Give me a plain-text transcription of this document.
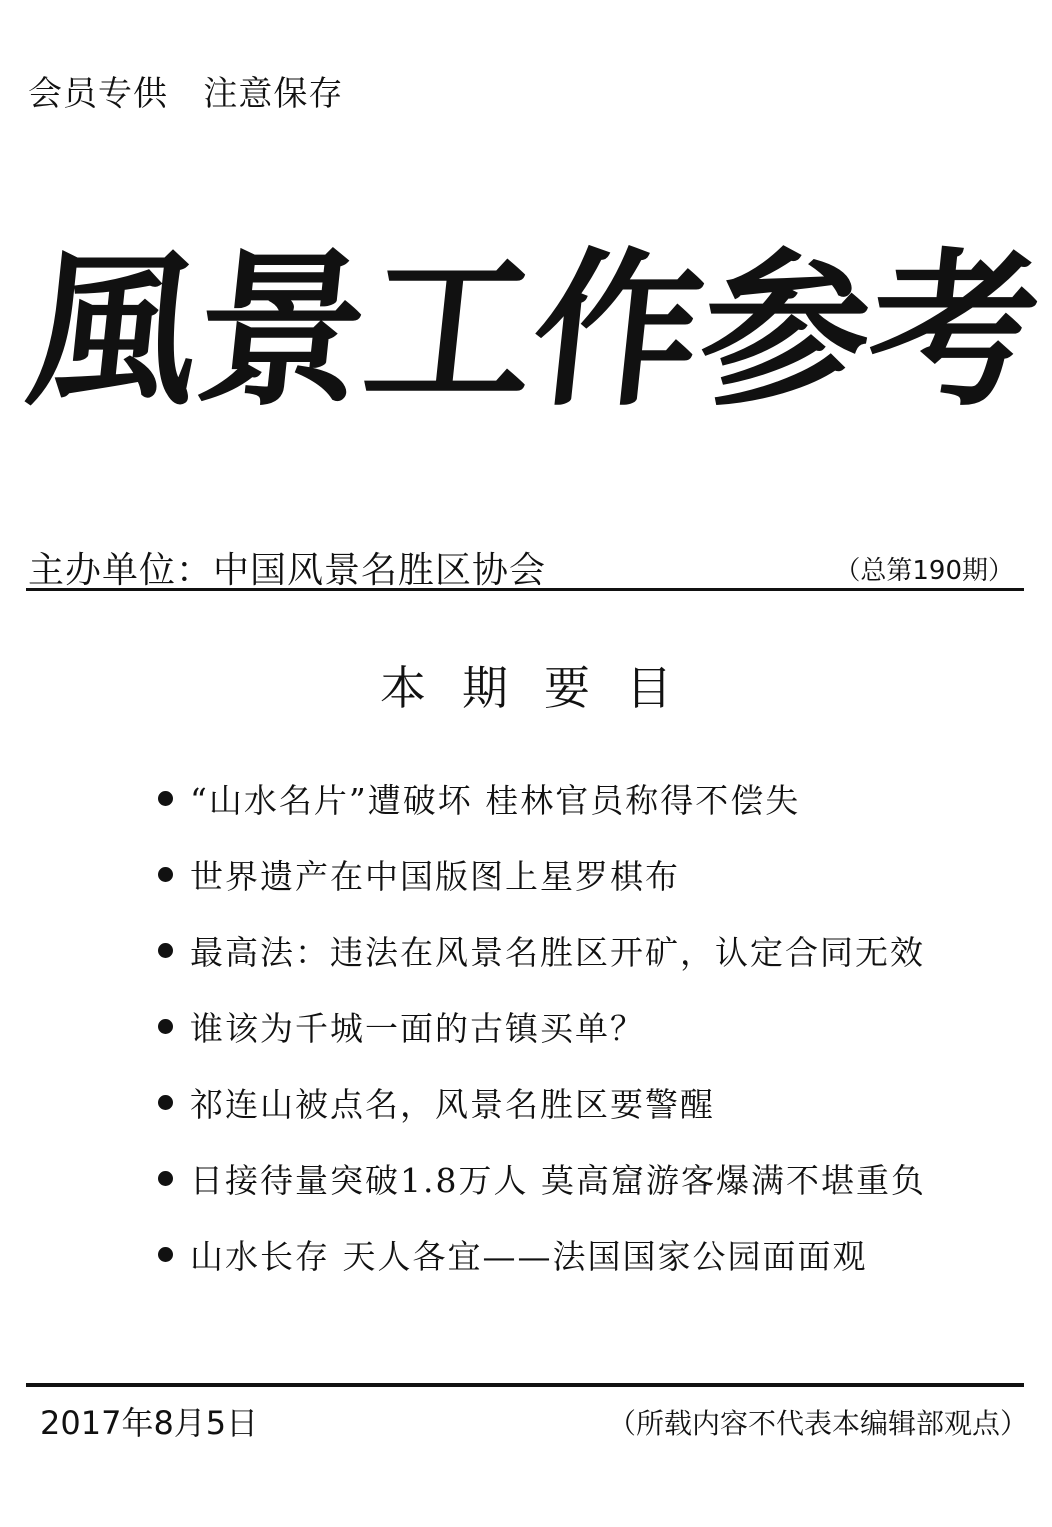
会员专供   注意保存
風
景
工
作
参
考
主办单位：中国风景名胜区协会	（总第190期）
本期要目
“山水名片”遭破坏 桂林官员称得不偿失
世界遗产在中国版图上星罗棋布
最高法：违法在风景名胜区开矿，认定合同无效
谁该为千城一面的古镇买单？
祁连山被点名，风景名胜区要警醒
日接待量突破1.8万人 莫高窟游客爆满不堪重负
山水长存 天人各宜——法国国家公园面面观
2017年8月5日	（所载内容不代表本编辑部观点）
